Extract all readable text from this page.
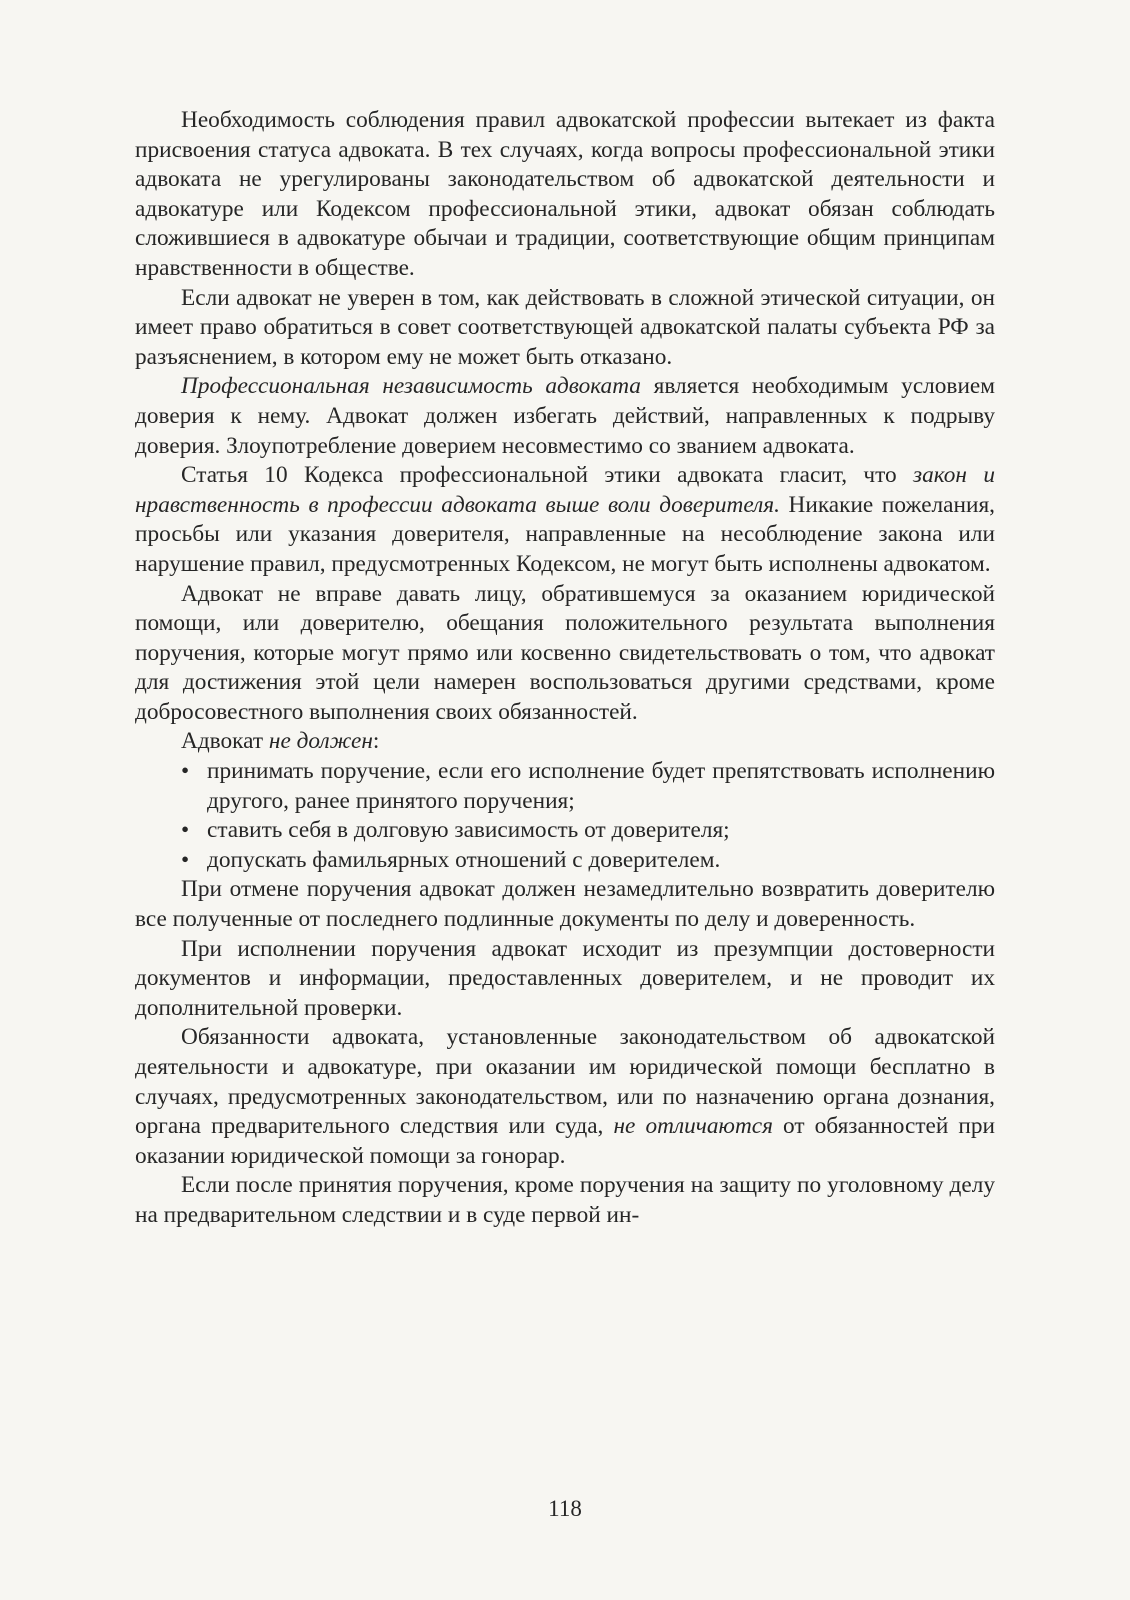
Необходимость соблюдения правил адвокатской профессии вытекает из факта присвоения статуса адвоката. В тех случаях, когда вопросы профессиональной этики адвоката не урегулированы законодательством об адвокатской деятельности и адвокатуре или Кодексом профессиональной этики, адвокат обязан соблюдать сложившиеся в адвокатуре обычаи и традиции, соответствующие общим принципам нравственности в обществе.

Если адвокат не уверен в том, как действовать в сложной этической ситуации, он имеет право обратиться в совет соответствующей адвокатской палаты субъекта РФ за разъяснением, в котором ему не может быть отказано.

Профессиональная независимость адвоката является необходимым условием доверия к нему. Адвокат должен избегать действий, направленных к подрыву доверия. Злоупотребление доверием несовместимо со званием адвоката.

Статья 10 Кодекса профессиональной этики адвоката гласит, что закон и нравственность в профессии адвоката выше воли доверителя. Никакие пожелания, просьбы или указания доверителя, направленные на несоблюдение закона или нарушение правил, предусмотренных Кодексом, не могут быть исполнены адвокатом.

Адвокат не вправе давать лицу, обратившемуся за оказанием юридической помощи, или доверителю, обещания положительного результата выполнения поручения, которые могут прямо или косвенно свидетельствовать о том, что адвокат для достижения этой цели намерен воспользоваться другими средствами, кроме добросовестного выполнения своих обязанностей.

Адвокат не должен:

• принимать поручение, если его исполнение будет препятствовать исполнению другого, ранее принятого поручения;
• ставить себя в долговую зависимость от доверителя;
• допускать фамильярных отношений с доверителем.

При отмене поручения адвокат должен незамедлительно возвратить доверителю все полученные от последнего подлинные документы по делу и доверенность.

При исполнении поручения адвокат исходит из презумпции достоверности документов и информации, предоставленных доверителем, и не проводит их дополнительной проверки.

Обязанности адвоката, установленные законодательством об адвокатской деятельности и адвокатуре, при оказании им юридической помощи бесплатно в случаях, предусмотренных законодательством, или по назначению органа дознания, органа предварительного следствия или суда, не отличаются от обязанностей при оказании юридической помощи за гонорар.

Если после принятия поручения, кроме поручения на защиту по уголовному делу на предварительном следствии и в суде первой ин-

118
